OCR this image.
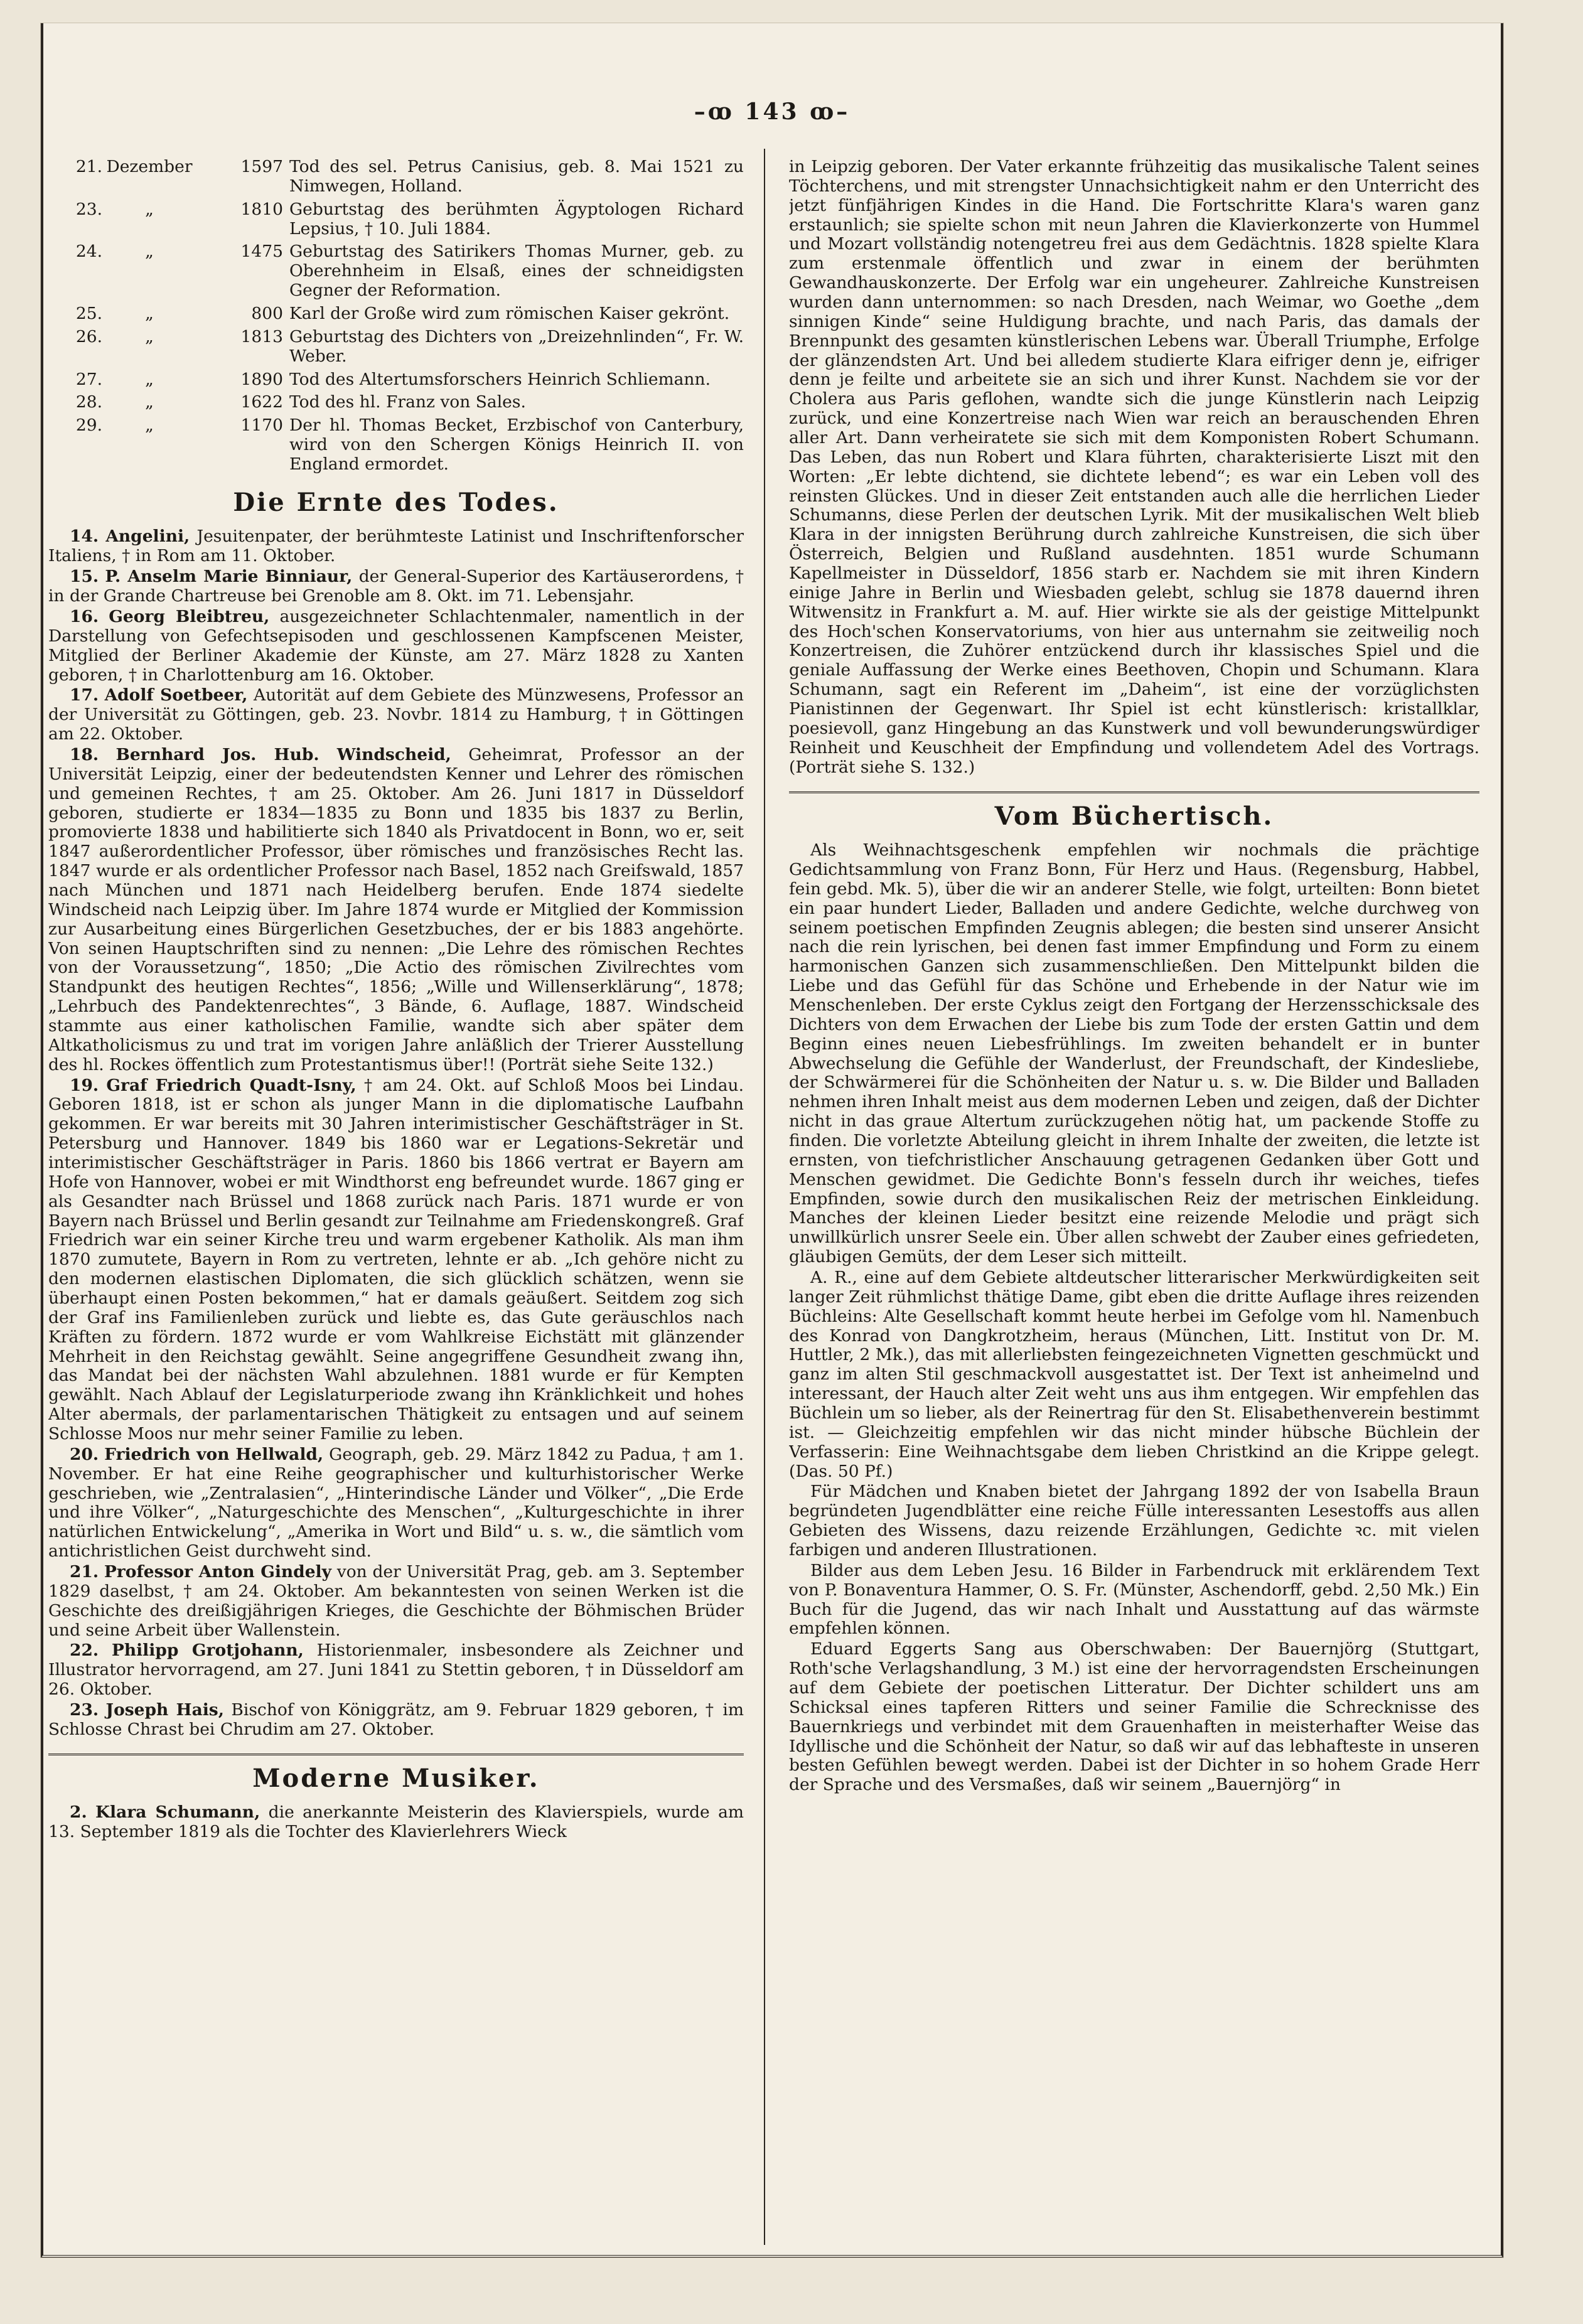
–ꝏ 143 ꝏ–
21. Dezember	1597 Tod des sel. Petrus Canisius, geb. 8. Mai 1521 zu Nimwegen, Holland.
23.	„	1810 Geburtstag des berühmten Ägyptologen Richard Lepsius, † 10. Juli 1884.
24.	„	1475 Geburtstag des Satirikers Thomas Murner, geb. zu Oberehnheim in Elsaß, eines der schneidigsten Gegner der Reformation.
25.	„	800 Karl der Große wird zum römischen Kaiser gekrönt.
26.	„	1813 Geburtstag des Dichters von „Dreizehnlinden“, Fr. W. Weber.
27.	„	1890 Tod des Altertumsforschers Heinrich Schliemann.
28.	„	1622 Tod des hl. Franz von Sales.
29.	„	1170 Der hl. Thomas Becket, Erzbischof von Canterbury, wird von den Schergen Königs Heinrich II. von England ermordet.
Die Ernte des Todes.

14. Angelini, Jesuitenpater, der berühmteste Latinist und Inschriftenforscher Italiens, † in Rom am 11. Oktober.

15. P. Anselm Marie Binniaur, der General-Superior des Kartäuserordens, † in der Grande Chartreuse bei Grenoble am 8. Okt. im 71. Lebensjahr.

16. Georg Bleibtreu, ausgezeichneter Schlachtenmaler, namentlich in der Darstellung von Gefechtsepisoden und geschlossenen Kampfscenen Meister, Mitglied der Berliner Akademie der Künste, am 27. März 1828 zu Xanten geboren, † in Charlottenburg am 16. Oktober.

17. Adolf Soetbeer, Autorität auf dem Gebiete des Münzwesens, Professor an der Universität zu Göttingen, geb. 23. Novbr. 1814 zu Hamburg, † in Göttingen am 22. Oktober.

18. Bernhard Jos. Hub. Windscheid, Geheimrat, Professor an der Universität Leipzig, einer der bedeutendsten Kenner und Lehrer des römischen und gemeinen Rechtes, † am 25. Oktober. Am 26. Juni 1817 in Düsseldorf geboren, studierte er 1834—1835 zu Bonn und 1835 bis 1837 zu Berlin, promovierte 1838 und habilitierte sich 1840 als Privatdocent in Bonn, wo er, seit 1847 außerordentlicher Professor, über römisches und französisches Recht las. 1847 wurde er als ordentlicher Professor nach Basel, 1852 nach Greifswald, 1857 nach München und 1871 nach Heidelberg berufen. Ende 1874 siedelte Windscheid nach Leipzig über. Im Jahre 1874 wurde er Mitglied der Kommission zur Ausarbeitung eines Bürgerlichen Gesetzbuches, der er bis 1883 angehörte. Von seinen Hauptschriften sind zu nennen: „Die Lehre des römischen Rechtes von der Voraussetzung“, 1850; „Die Actio des römischen Zivilrechtes vom Standpunkt des heutigen Rechtes“, 1856; „Wille und Willenserklärung“, 1878; „Lehrbuch des Pandektenrechtes“, 3 Bände, 6. Auflage, 1887. Windscheid stammte aus einer katholischen Familie, wandte sich aber später dem Altkatholicismus zu und trat im vorigen Jahre anläßlich der Trierer Ausstellung des hl. Rockes öffentlich zum Protestantismus über!! (Porträt siehe Seite 132.)

19. Graf Friedrich Quadt-Isny, † am 24. Okt. auf Schloß Moos bei Lindau. Geboren 1818, ist er schon als junger Mann in die diplomatische Laufbahn gekommen. Er war bereits mit 30 Jahren interimistischer Geschäftsträger in St. Petersburg und Hannover. 1849 bis 1860 war er Legations-Sekretär und interimistischer Geschäftsträger in Paris. 1860 bis 1866 vertrat er Bayern am Hofe von Hannover, wobei er mit Windthorst eng befreundet wurde. 1867 ging er als Gesandter nach Brüssel und 1868 zurück nach Paris. 1871 wurde er von Bayern nach Brüssel und Berlin gesandt zur Teilnahme am Friedenskongreß. Graf Friedrich war ein seiner Kirche treu und warm ergebener Katholik. Als man ihm 1870 zumutete, Bayern in Rom zu vertreten, lehnte er ab. „Ich gehöre nicht zu den modernen elastischen Diplomaten, die sich glücklich schätzen, wenn sie überhaupt einen Posten bekommen,“ hat er damals geäußert. Seitdem zog sich der Graf ins Familienleben zurück und liebte es, das Gute geräuschlos nach Kräften zu fördern. 1872 wurde er vom Wahlkreise Eichstätt mit glänzender Mehrheit in den Reichstag gewählt. Seine angegriffene Gesundheit zwang ihn, das Mandat bei der nächsten Wahl abzulehnen. 1881 wurde er für Kempten gewählt. Nach Ablauf der Legislaturperiode zwang ihn Kränklichkeit und hohes Alter abermals, der parlamentarischen Thätigkeit zu entsagen und auf seinem Schlosse Moos nur mehr seiner Familie zu leben.

20. Friedrich von Hellwald, Geograph, geb. 29. März 1842 zu Padua, † am 1. November. Er hat eine Reihe geographischer und kulturhistorischer Werke geschrieben, wie „Zentralasien“, „Hinterindische Länder und Völker“, „Die Erde und ihre Völker“, „Naturgeschichte des Menschen“, „Kulturgeschichte in ihrer natürlichen Entwickelung“, „Amerika in Wort und Bild“ u. s. w., die sämtlich vom antichristlichen Geist durchweht sind.

21. Professor Anton Gindely von der Universität Prag, geb. am 3. September 1829 daselbst, † am 24. Oktober. Am bekanntesten von seinen Werken ist die Geschichte des dreißigjährigen Krieges, die Geschichte der Böhmischen Brüder und seine Arbeit über Wallenstein.

22. Philipp Grotjohann, Historienmaler, insbesondere als Zeichner und Illustrator hervorragend, am 27. Juni 1841 zu Stettin geboren, † in Düsseldorf am 26. Oktober.

23. Joseph Hais, Bischof von Königgrätz, am 9. Februar 1829 geboren, † im Schlosse Chrast bei Chrudim am 27. Oktober.

Moderne Musiker.

2. Klara Schumann, die anerkannte Meisterin des Klavierspiels, wurde am 13. September 1819 als die Tochter des Klavierlehrers Wieck

in Leipzig geboren. Der Vater erkannte frühzeitig das musikalische Talent seines Töchterchens, und mit strengster Unnachsichtigkeit nahm er den Unterricht des jetzt fünfjährigen Kindes in die Hand. Die Fortschritte Klara's waren ganz erstaunlich; sie spielte schon mit neun Jahren die Klavierkonzerte von Hummel und Mozart vollständig notengetreu frei aus dem Gedächtnis. 1828 spielte Klara zum erstenmale öffentlich und zwar in einem der berühmten Gewandhauskonzerte. Der Erfolg war ein ungeheurer. Zahlreiche Kunstreisen wurden dann unternommen: so nach Dresden, nach Weimar, wo Goethe „dem sinnigen Kinde“ seine Huldigung brachte, und nach Paris, das damals der Brennpunkt des gesamten künstlerischen Lebens war. Überall Triumphe, Erfolge der glänzendsten Art. Und bei alledem studierte Klara eifriger denn je, eifriger denn je feilte und arbeitete sie an sich und ihrer Kunst. Nachdem sie vor der Cholera aus Paris geflohen, wandte sich die junge Künstlerin nach Leipzig zurück, und eine Konzertreise nach Wien war reich an berauschenden Ehren aller Art. Dann verheiratete sie sich mit dem Komponisten Robert Schumann. Das Leben, das nun Robert und Klara führten, charakterisierte Liszt mit den Worten: „Er lebte dichtend, sie dichtete lebend“; es war ein Leben voll des reinsten Glückes. Und in dieser Zeit entstanden auch alle die herrlichen Lieder Schumanns, diese Perlen der deutschen Lyrik. Mit der musikalischen Welt blieb Klara in der innigsten Berührung durch zahlreiche Kunstreisen, die sich über Österreich, Belgien und Rußland ausdehnten. 1851 wurde Schumann Kapellmeister in Düsseldorf, 1856 starb er. Nachdem sie mit ihren Kindern einige Jahre in Berlin und Wiesbaden gelebt, schlug sie 1878 dauernd ihren Witwensitz in Frankfurt a. M. auf. Hier wirkte sie als der geistige Mittelpunkt des Hoch'schen Konservatoriums, von hier aus unternahm sie zeitweilig noch Konzertreisen, die Zuhörer entzückend durch ihr klassisches Spiel und die geniale Auffassung der Werke eines Beethoven, Chopin und Schumann. Klara Schumann, sagt ein Referent im „Daheim“, ist eine der vorzüglichsten Pianistinnen der Gegenwart. Ihr Spiel ist echt künstlerisch: kristallklar, poesievoll, ganz Hingebung an das Kunstwerk und voll bewunderungswürdiger Reinheit und Keuschheit der Empfindung und vollendetem Adel des Vortrags. (Porträt siehe S. 132.)

Vom Büchertisch.

Als Weihnachtsgeschenk empfehlen wir nochmals die prächtige Gedichtsammlung von Franz Bonn, Für Herz und Haus. (Regensburg, Habbel, fein gebd. Mk. 5), über die wir an anderer Stelle, wie folgt, urteilten: Bonn bietet ein paar hundert Lieder, Balladen und andere Gedichte, welche durchweg von seinem poetischen Empfinden Zeugnis ablegen; die besten sind unserer Ansicht nach die rein lyrischen, bei denen fast immer Empfindung und Form zu einem harmonischen Ganzen sich zusammenschließen. Den Mittelpunkt bilden die Liebe und das Gefühl für das Schöne und Erhebende in der Natur wie im Menschenleben. Der erste Cyklus zeigt den Fortgang der Herzensschicksale des Dichters von dem Erwachen der Liebe bis zum Tode der ersten Gattin und dem Beginn eines neuen Liebesfrühlings. Im zweiten behandelt er in bunter Abwechselung die Gefühle der Wanderlust, der Freundschaft, der Kindesliebe, der Schwärmerei für die Schönheiten der Natur u. s. w. Die Bilder und Balladen nehmen ihren Inhalt meist aus dem modernen Leben und zeigen, daß der Dichter nicht in das graue Altertum zurückzugehen nötig hat, um packende Stoffe zu finden. Die vorletzte Abteilung gleicht in ihrem Inhalte der zweiten, die letzte ist ernsten, von tiefchristlicher Anschauung getragenen Gedanken über Gott und Menschen gewidmet. Die Gedichte Bonn's fesseln durch ihr weiches, tiefes Empfinden, sowie durch den musikalischen Reiz der metrischen Einkleidung. Manches der kleinen Lieder besitzt eine reizende Melodie und prägt sich unwillkürlich unsrer Seele ein. Über allen schwebt der Zauber eines gefriedeten, gläubigen Gemüts, der dem Leser sich mitteilt.

A. R., eine auf dem Gebiete altdeutscher litterarischer Merkwürdigkeiten seit langer Zeit rühmlichst thätige Dame, gibt eben die dritte Auflage ihres reizenden Büchleins: Alte Gesellschaft kommt heute herbei im Gefolge vom hl. Namenbuch des Konrad von Dangkrotzheim, heraus (München, Litt. Institut von Dr. M. Huttler, 2 Mk.), das mit allerliebsten feingezeichneten Vignetten geschmückt und ganz im alten Stil geschmackvoll ausgestattet ist. Der Text ist anheimelnd und interessant, der Hauch alter Zeit weht uns aus ihm entgegen. Wir empfehlen das Büchlein um so lieber, als der Reinertrag für den St. Elisabethenverein bestimmt ist. — Gleichzeitig empfehlen wir das nicht minder hübsche Büchlein der Verfasserin: Eine Weihnachtsgabe dem lieben Christkind an die Krippe gelegt. (Das. 50 Pf.)

Für Mädchen und Knaben bietet der Jahrgang 1892 der von Isabella Braun begründeten Jugendblätter eine reiche Fülle interessanten Lesestoffs aus allen Gebieten des Wissens, dazu reizende Erzählungen, Gedichte ꝛc. mit vielen farbigen und anderen Illustrationen.

Bilder aus dem Leben Jesu. 16 Bilder in Farbendruck mit erklärendem Text von P. Bonaventura Hammer, O. S. Fr. (Münster, Aschendorff, gebd. 2,50 Mk.) Ein Buch für die Jugend, das wir nach Inhalt und Ausstattung auf das wärmste empfehlen können.

Eduard Eggerts Sang aus Oberschwaben: Der Bauernjörg (Stuttgart, Roth'sche Verlagshandlung, 3 M.) ist eine der hervorragendsten Erscheinungen auf dem Gebiete der poetischen Litteratur. Der Dichter schildert uns am Schicksal eines tapferen Ritters und seiner Familie die Schrecknisse des Bauernkriegs und verbindet mit dem Grauenhaften in meisterhafter Weise das Idyllische und die Schönheit der Natur, so daß wir auf das lebhafteste in unseren besten Gefühlen bewegt werden. Dabei ist der Dichter in so hohem Grade Herr der Sprache und des Versmaßes, daß wir seinem „Bauernjörg“ in
